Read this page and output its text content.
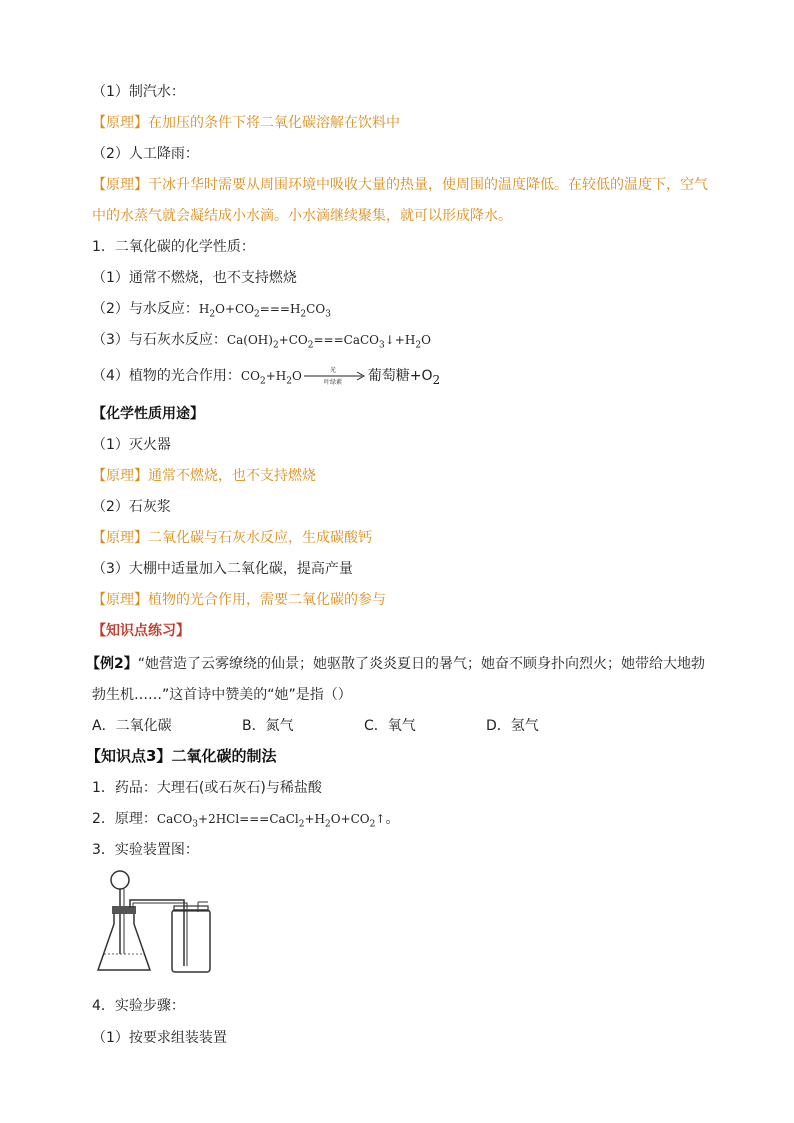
（1）制汽水：
【原理】在加压的条件下将二氧化碳溶解在饮料中
（2）人工降雨：
【原理】干冰升华时需要从周围环境中吸收大量的热量，使周围的温度降低。在较低的温度下，空气
中的水蒸气就会凝结成小水滴。小水滴继续聚集，就可以形成降水。
1．二氧化碳的化学性质：
（1）通常不燃烧，也不支持燃烧
（2）与水反应：$H_2O+CO_2===H_2CO_3$
（3）与石灰水反应：$Ca(OH)_2+CO_2===CaCO_3↓+H_2O$
（4）植物的光合作用：$CO_2+H_2O$	光
叶绿素 葡萄糖$+O_2$
【化学性质用途】
（1）灭火器
【原理】通常不燃烧，也不支持燃烧
（2）石灰浆
【原理】二氧化碳与石灰水反应，生成碳酸钙
（3）大棚中适量加入二氧化碳，提高产量
【原理】植物的光合作用，需要二氧化碳的参与
【知识点练习】
【例2】“她营造了云雾缭绕的仙景；她驱散了炎炎夏日的暑气；她奋不顾身扑向烈火；她带给大地勃
勃生机……”这首诗中赞美的“她”是指（）
A．二氧化碳	B．氮气	C．氧气	D．氢气
【知识点3】二氧化碳的制法
1．药品：大理石(或石灰石)与稀盐酸
2．原理：$CaCO_3+2HCl===CaCl_2+H_2O+CO_2↑$。
3．实验装置图：
4．实验步骤：
（1）按要求组装装置
